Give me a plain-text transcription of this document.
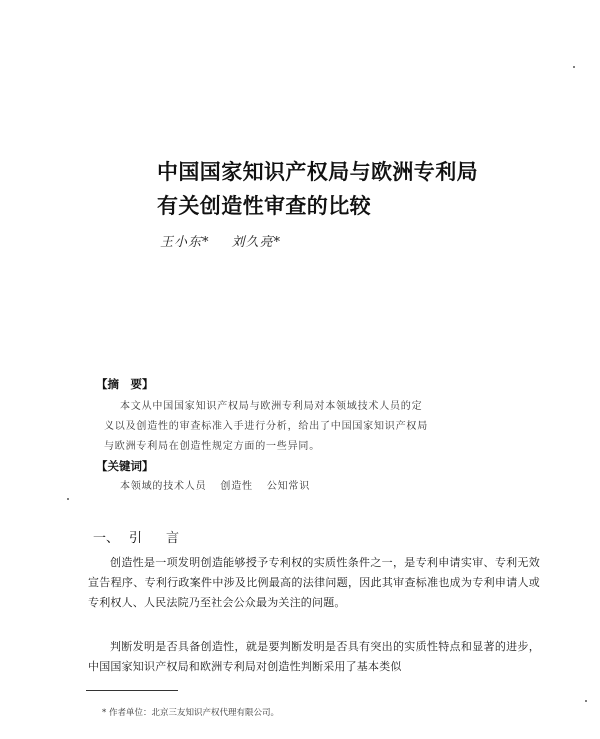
中国国家知识产权局与欧洲专利局
有关创造性审查的比较
王小东* 刘久亮*
【摘　要】
本文从中国国家知识产权局与欧洲专利局对本领域技术人员的定
义以及创造性的审查标准入手进行分析，给出了中国国家知识产权局
与欧洲专利局在创造性规定方面的一些异同。
【关键词】
本领域的技术人员 创造性 公知常识
一、 引言
创造性是一项发明创造能够授予专利权的实质性条件之一，是专利申请实审、专利无效宣告程序、专利行政案件中涉及比例最高的法律问题，因此其审查标准也成为专利申请人或专利权人、人民法院乃至社会公众最为关注的问题。
判断发明是否具备创造性，就是要判断发明是否具有突出的实质性特点和显著的进步，中国国家知识产权局和欧洲专利局对创造性判断采用了基本类似
* 作者单位：北京三友知识产权代理有限公司。
